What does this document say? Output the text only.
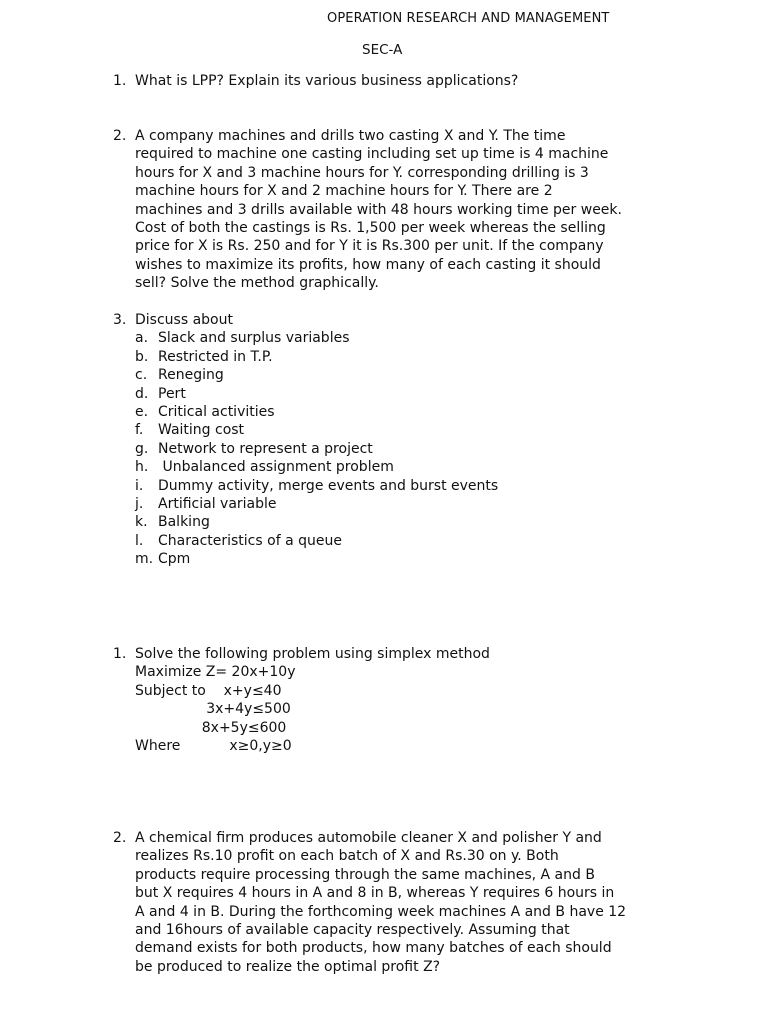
OPERATION RESEARCH AND MANAGEMENT
SEC-A
1. What is LPP? Explain its various business applications?
2. A company machines and drills two casting X and Y. The time
required to machine one casting including set up time is 4 machine
hours for X and 3 machine hours for Y. corresponding drilling is 3
machine hours for X and 2 machine hours for Y. There are 2
machines and 3 drills available with 48 hours working time per week.
Cost of both the castings is Rs. 1,500 per week whereas the selling
price for X is Rs. 250 and for Y it is Rs.300 per unit. If the company
wishes to maximize its profits, how many of each casting it should
sell? Solve the method graphically.
3. Discuss about
a. Slack and surplus variables
b. Restricted in T.P.
c. Reneging
d. Pert
e. Critical activities
f. Waiting cost
g. Network to represent a project
h. Unbalanced assignment problem
i. Dummy activity, merge events and burst events
j. Artificial variable
k. Balking
l. Characteristics of a queue
m. Cpm
1. Solve the following problem using simplex method
Maximize Z= 20x+10y
Subject to    x+y≤40
3x+4y≤500
8x+5y≤600
Where           x≥0,y≥0
2. A chemical firm produces automobile cleaner X and polisher Y and
realizes Rs.10 profit on each batch of X and Rs.30 on y. Both
products require processing through the same machines, A and B
but X requires 4 hours in A and 8 in B, whereas Y requires 6 hours in
A and 4 in B. During the forthcoming week machines A and B have 12
and 16hours of available capacity respectively. Assuming that
demand exists for both products, how many batches of each should
be produced to realize the optimal profit Z?
